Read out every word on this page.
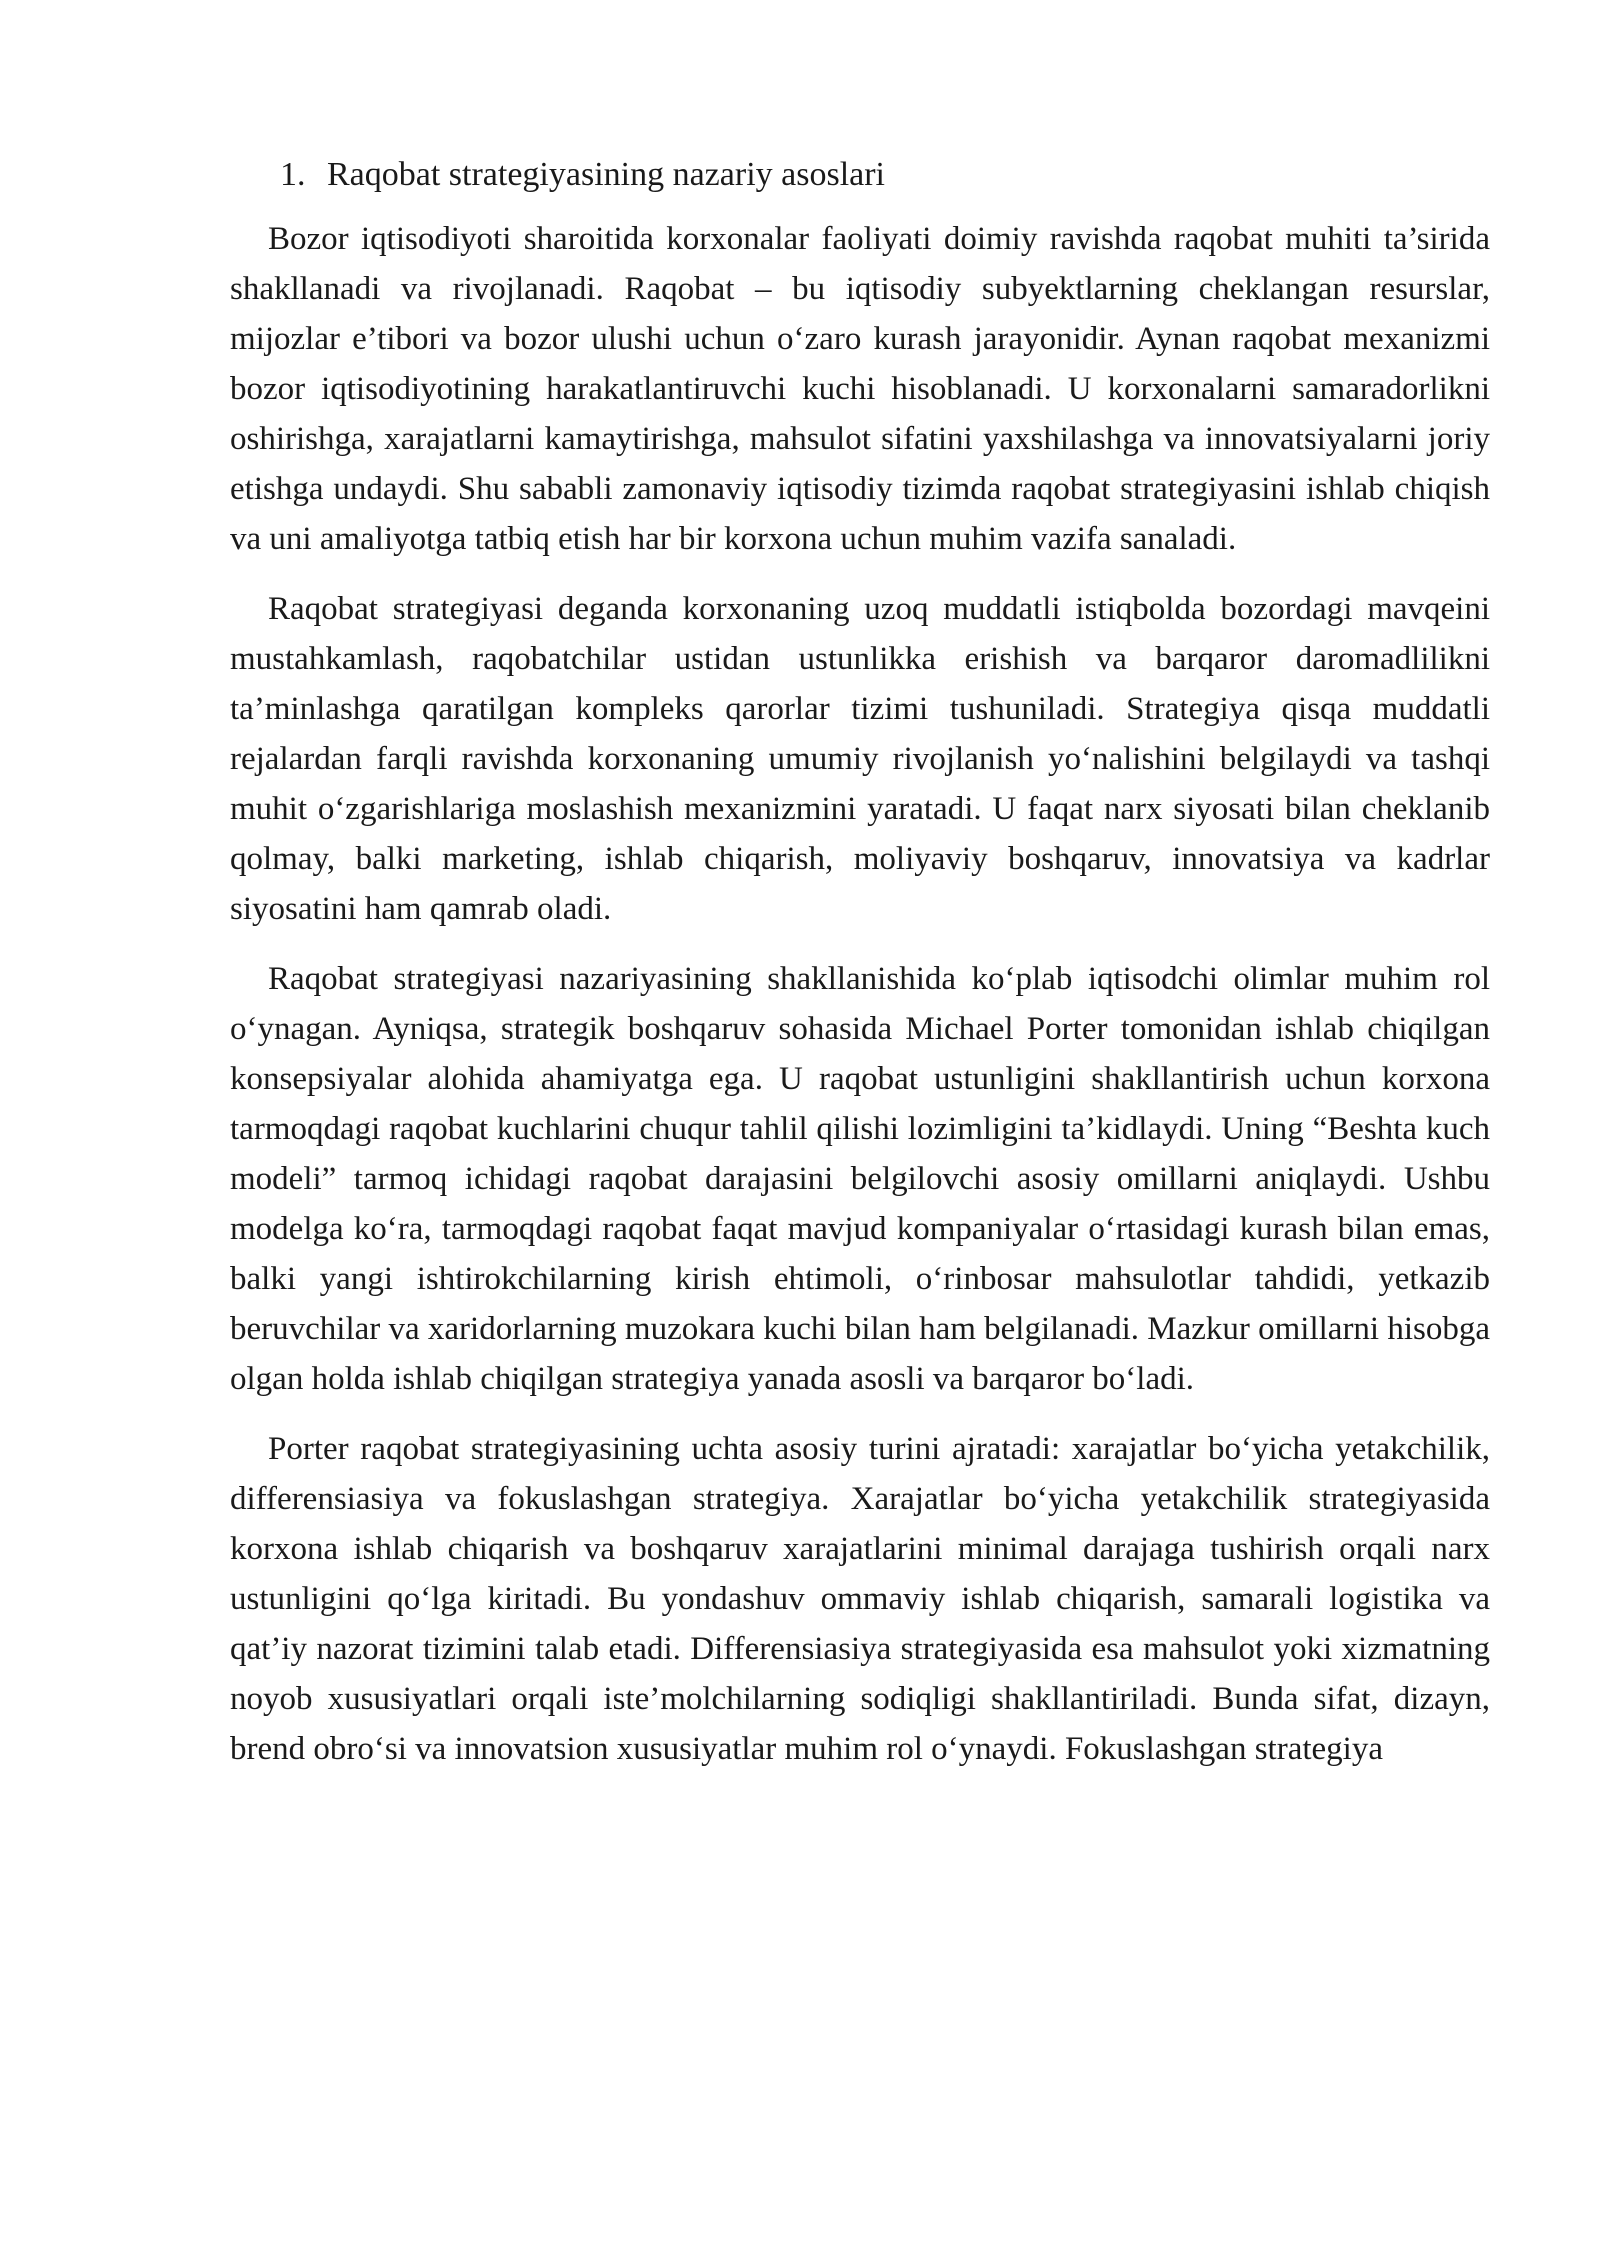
1. Raqobat strategiyasining nazariy asoslari

Bozor iqtisodiyoti sharoitida korxonalar faoliyati doimiy ravishda raqobat muhiti ta’sirida shakllanadi va rivojlanadi. Raqobat – bu iqtisodiy subyektlarning cheklangan resurslar, mijozlar e’tibori va bozor ulushi uchun o‘zaro kurash jarayonidir. Aynan raqobat mexanizmi bozor iqtisodiyotining harakatlantiruvchi kuchi hisoblanadi. U korxonalarni samaradorlikni oshirishga, xarajatlarni kamaytirishga, mahsulot sifatini yaxshilashga va innovatsiyalarni joriy etishga undaydi. Shu sababli zamonaviy iqtisodiy tizimda raqobat strategiyasini ishlab chiqish va uni amaliyotga tatbiq etish har bir korxona uchun muhim vazifa sanaladi.

Raqobat strategiyasi deganda korxonaning uzoq muddatli istiqbolda bozordagi mavqeini mustahkamlash, raqobatchilar ustidan ustunlikka erishish va barqaror daromadlilikni ta’minlashga qaratilgan kompleks qarorlar tizimi tushuniladi. Strategiya qisqa muddatli rejalardan farqli ravishda korxonaning umumiy rivojlanish yo‘nalishini belgilaydi va tashqi muhit o‘zgarishlariga moslashish mexanizmini yaratadi. U faqat narx siyosati bilan cheklanib qolmay, balki marketing, ishlab chiqarish, moliyaviy boshqaruv, innovatsiya va kadrlar siyosatini ham qamrab oladi.

Raqobat strategiyasi nazariyasining shakllanishida ko‘plab iqtisodchi olimlar muhim rol o‘ynagan. Ayniqsa, strategik boshqaruv sohasida Michael Porter tomonidan ishlab chiqilgan konsepsiyalar alohida ahamiyatga ega. U raqobat ustunligini shakllantirish uchun korxona tarmoqdagi raqobat kuchlarini chuqur tahlil qilishi lozimligini ta’kidlaydi. Uning “Beshta kuch modeli” tarmoq ichidagi raqobat darajasini belgilovchi asosiy omillarni aniqlaydi. Ushbu modelga ko‘ra, tarmoqdagi raqobat faqat mavjud kompaniyalar o‘rtasidagi kurash bilan emas, balki yangi ishtirokchilarning kirish ehtimoli, o‘rinbosar mahsulotlar tahdidi, yetkazib beruvchilar va xaridorlarning muzokara kuchi bilan ham belgilanadi. Mazkur omillarni hisobga olgan holda ishlab chiqilgan strategiya yanada asosli va barqaror bo‘ladi.

Porter raqobat strategiyasining uchta asosiy turini ajratadi: xarajatlar bo‘yicha yetakchilik, differensiasiya va fokuslashgan strategiya. Xarajatlar bo‘yicha yetakchilik strategiyasida korxona ishlab chiqarish va boshqaruv xarajatlarini minimal darajaga tushirish orqali narx ustunligini qo‘lga kiritadi. Bu yondashuv ommaviy ishlab chiqarish, samarali logistika va qat’iy nazorat tizimini talab etadi. Differensiasiya strategiyasida esa mahsulot yoki xizmatning noyob xususiyatlari orqali iste’molchilarning sodiqligi shakllantiriladi. Bunda sifat, dizayn, brend obro‘si va innovatsion xususiyatlar muhim rol o‘ynaydi. Fokuslashgan strategiya
